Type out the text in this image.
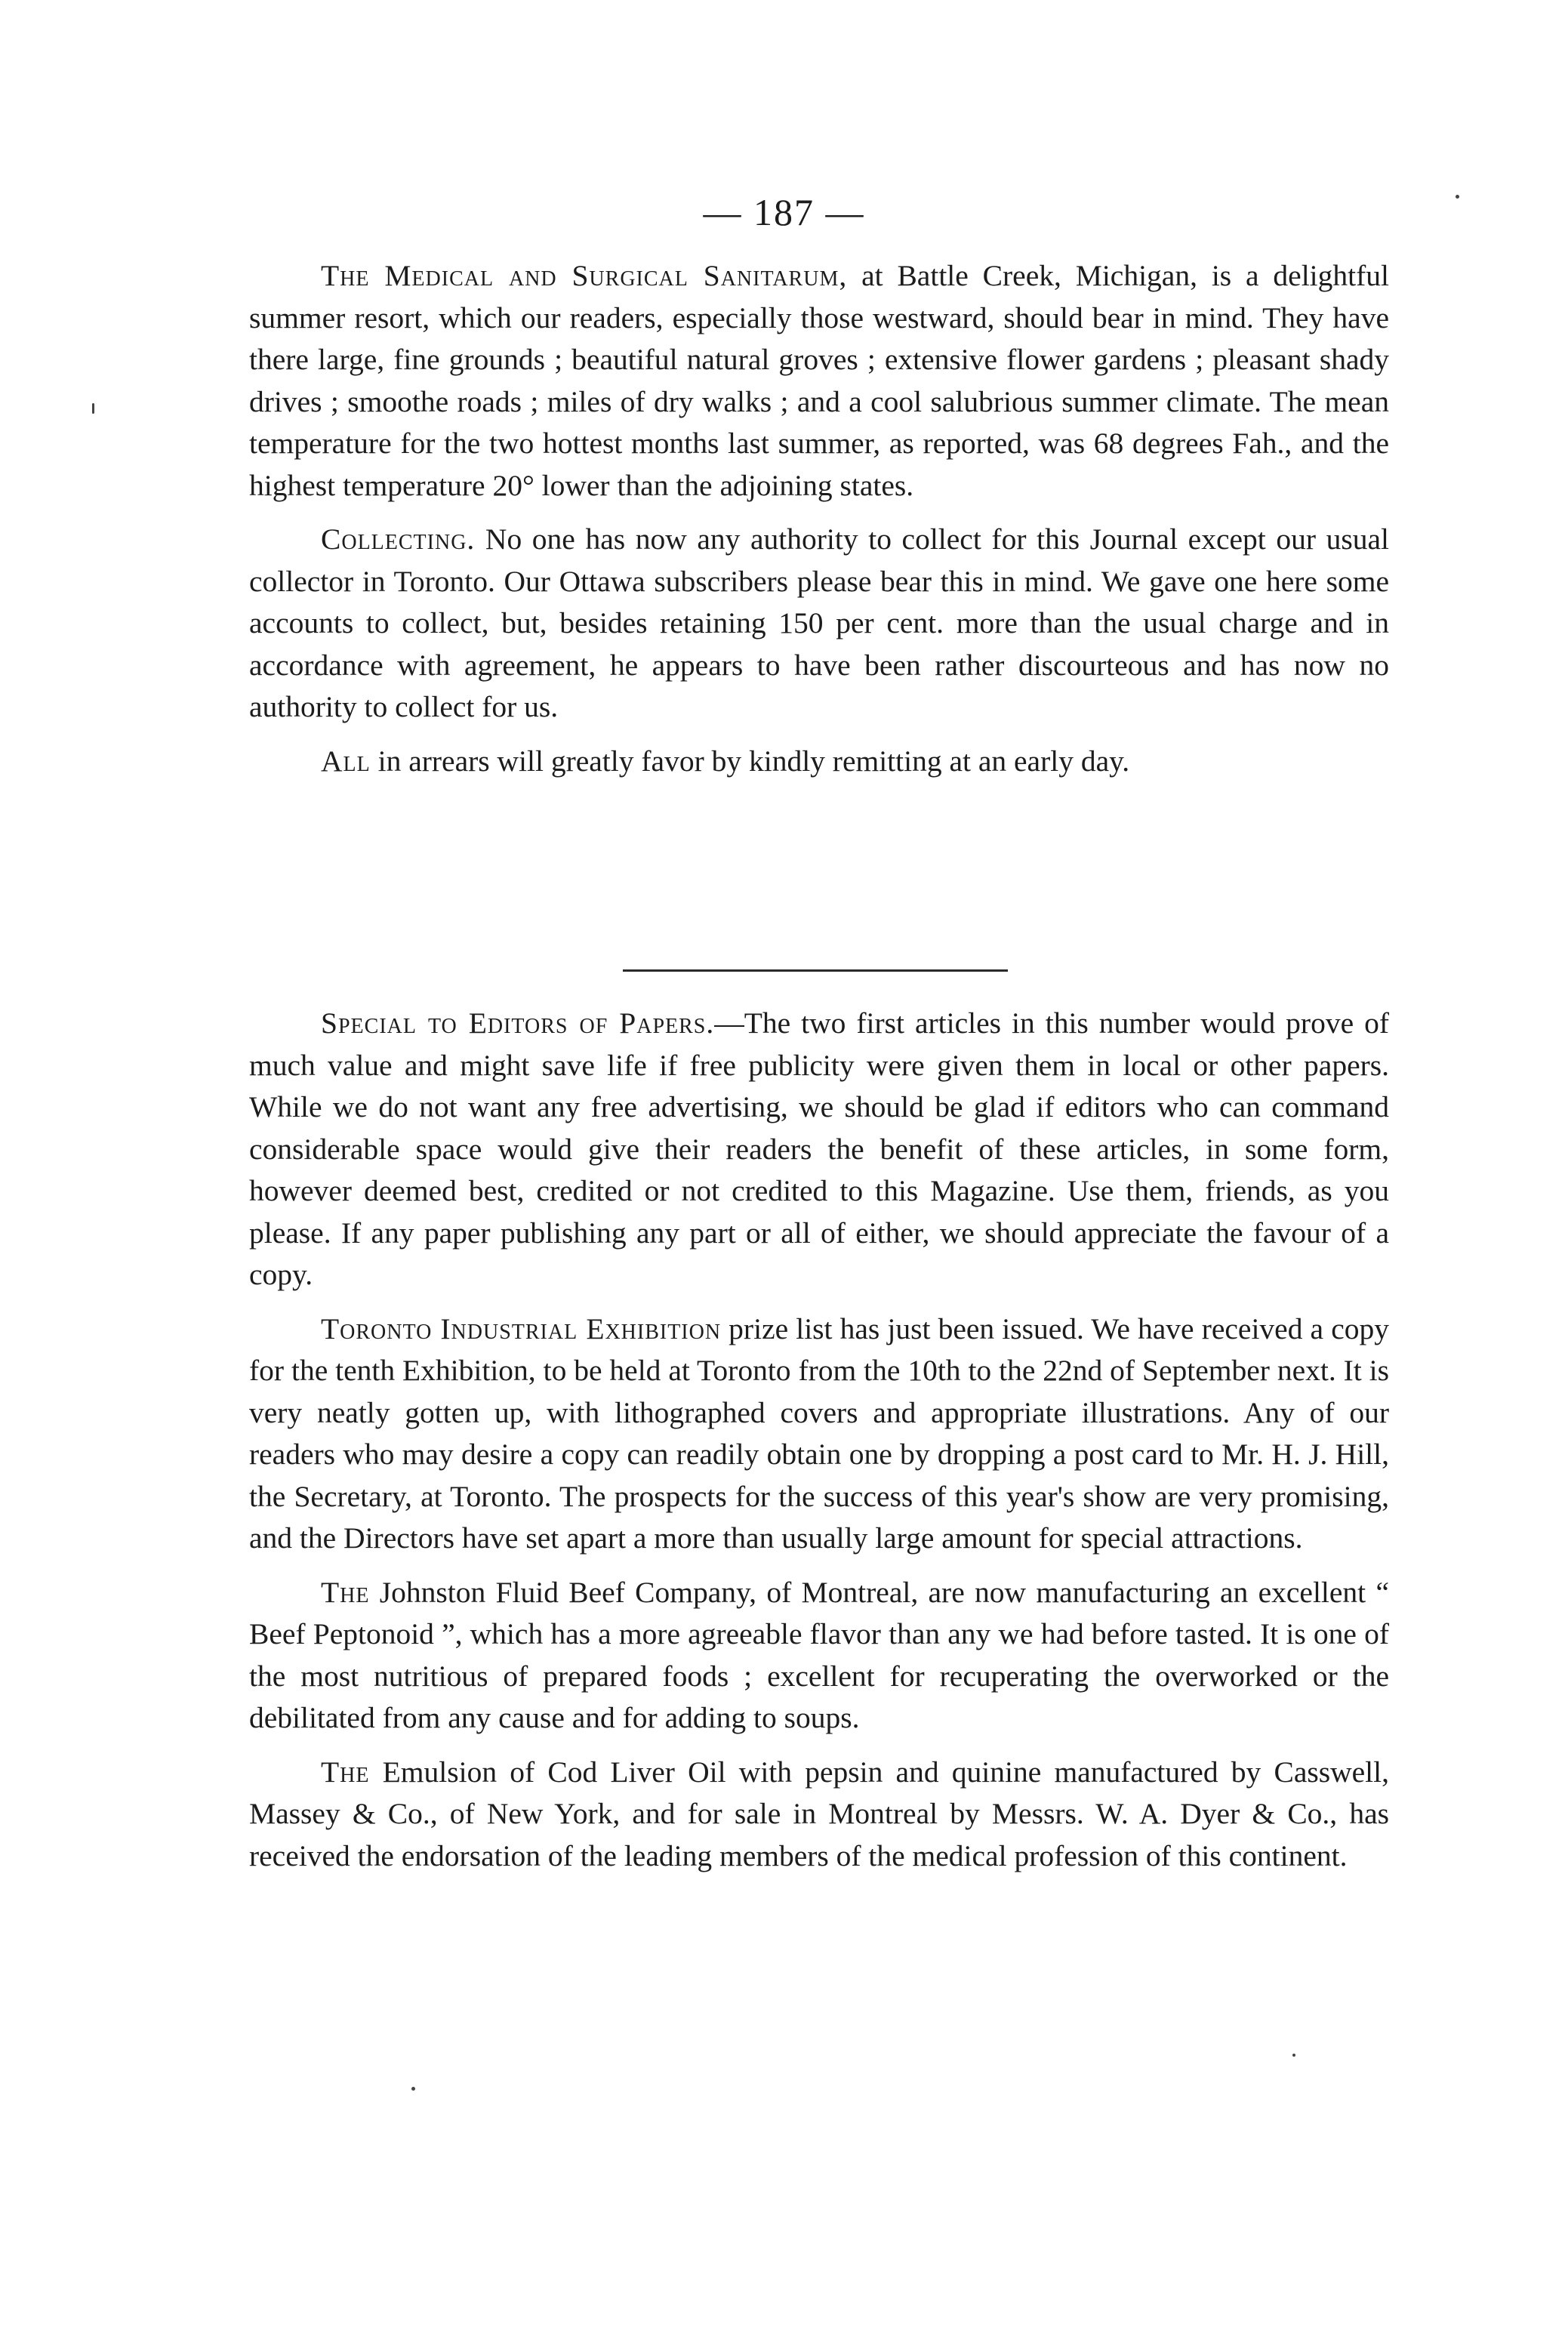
— 187 —

The Medical and Surgical Sanitarum, at Battle Creek, Michigan, is a delightful summer resort, which our readers, especially those westward, should bear in mind. They have there large, fine grounds ; beautiful natural groves ; extensive flower gardens ; pleasant shady drives ; smoothe roads ; miles of dry walks ; and a cool salubrious summer climate. The mean temperature for the two hottest months last summer, as reported, was 68 degrees Fah., and the highest temperature 20° lower than the adjoining states.

Collecting. No one has now any authority to collect for this Journal except our usual collector in Toronto. Our Ottawa subscribers please bear this in mind. We gave one here some accounts to collect, but, besides retaining 150 per cent. more than the usual charge and in accordance with agreement, he appears to have been rather discourteous and has now no authority to collect for us.

All in arrears will greatly favor by kindly remitting at an early day.

Special to Editors of Papers.—The two first articles in this number would prove of much value and might save life if free publicity were given them in local or other papers. While we do not want any free advertising, we should be glad if editors who can command considerable space would give their readers the benefit of these articles, in some form, however deemed best, credited or not credited to this Magazine. Use them, friends, as you please. If any paper publishing any part or all of either, we should appreciate the favour of a copy.

Toronto Industrial Exhibition prize list has just been issued. We have received a copy for the tenth Exhibition, to be held at Toronto from the 10th to the 22nd of September next. It is very neatly gotten up, with lithographed covers and appropriate illustrations. Any of our readers who may desire a copy can readily obtain one by dropping a post card to Mr. H. J. Hill, the Secretary, at Toronto. The prospects for the success of this year's show are very promising, and the Directors have set apart a more than usually large amount for special attractions.

The Johnston Fluid Beef Company, of Montreal, are now manufacturing an excellent “ Beef Peptonoid ”, which has a more agreeable flavor than any we had before tasted. It is one of the most nutritious of prepared foods ; excellent for recuperating the overworked or the debilitated from any cause and for adding to soups.

The Emulsion of Cod Liver Oil with pepsin and quinine manufactured by Casswell, Massey & Co., of New York, and for sale in Montreal by Messrs. W. A. Dyer & Co., has received the endorsation of the leading members of the medical profession of this continent.
